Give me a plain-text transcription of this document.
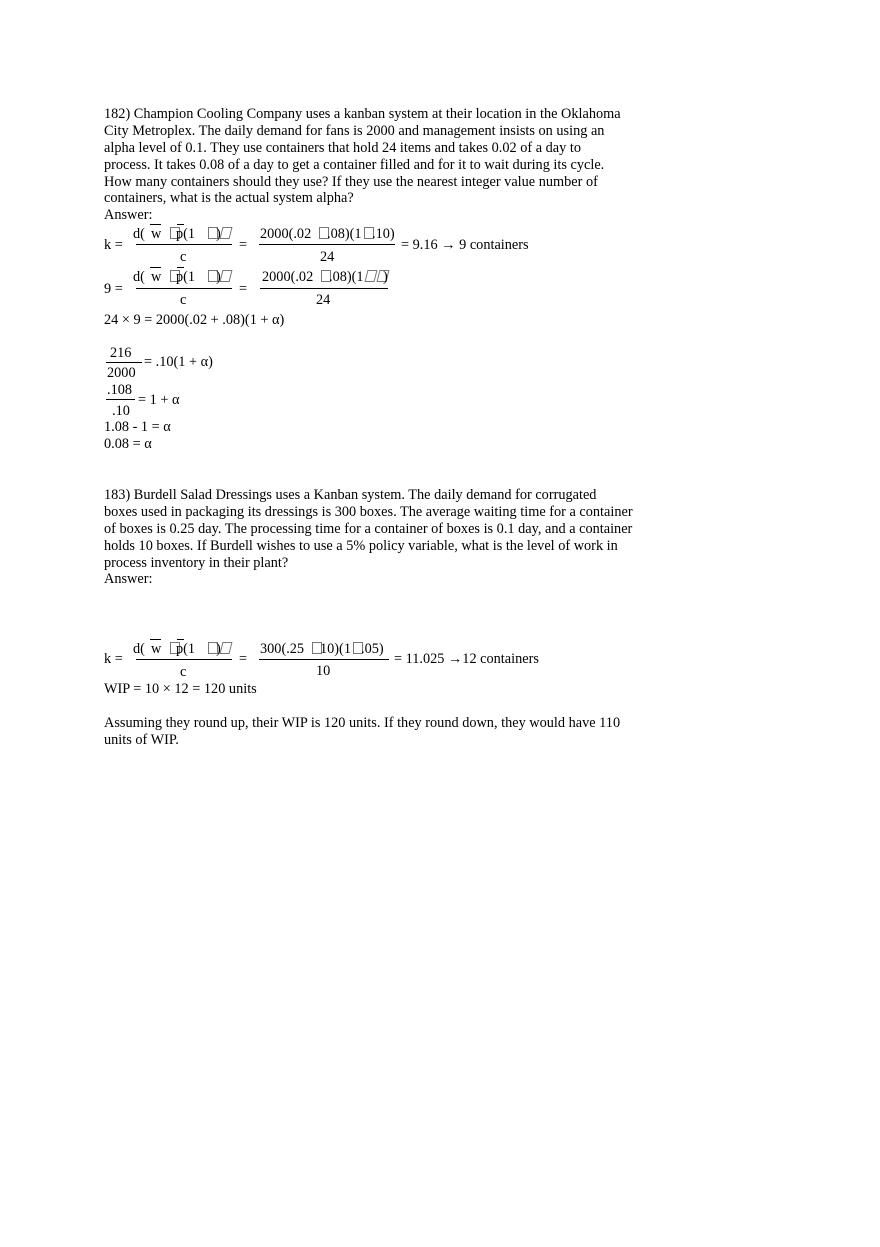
182) Champion Cooling Company uses a kanban system at their location in the Oklahoma
City Metroplex. The daily demand for fans is 2000 and management insists on using an
alpha level of 0.1. They use containers that hold 24 items and takes 0.02 of a day to
process. It takes 0.08 of a day to get a container filled and for it to wait during its cycle.
How many containers should they use? If they use the nearest integer value number of
containers, what is the actual system alpha?
Answer:
k =
d( w p(1 )
c
=
2000(.02 .08)(1 .10)
24
= 9.16 → 9 containers
9 =
d( w p(1 )
c
=
2000(.02 .08)(1 )
24
24 × 9 = 2000(.02 + .08)(1 + α)
216
2000
= .10(1 + α)
.108
.10
= 1 + α
1.08 - 1 = α
0.08 = α
183) Burdell Salad Dressings uses a Kanban system. The daily demand for corrugated
boxes used in packaging its dressings is 300 boxes. The average waiting time for a container
of boxes is 0.25 day. The processing time for a container of boxes is 0.1 day, and a container
holds 10 boxes. If Burdell wishes to use a 5% policy variable, what is the level of work in
process inventory in their plant?
Answer:
k =
d( w p(1 )
c
=
300(.25 10)(1 .05)
10
= 11.025 →12 containers
WIP = 10 × 12 = 120 units
Assuming they round up, their WIP is 120 units. If they round down, they would have 110
units of WIP.
